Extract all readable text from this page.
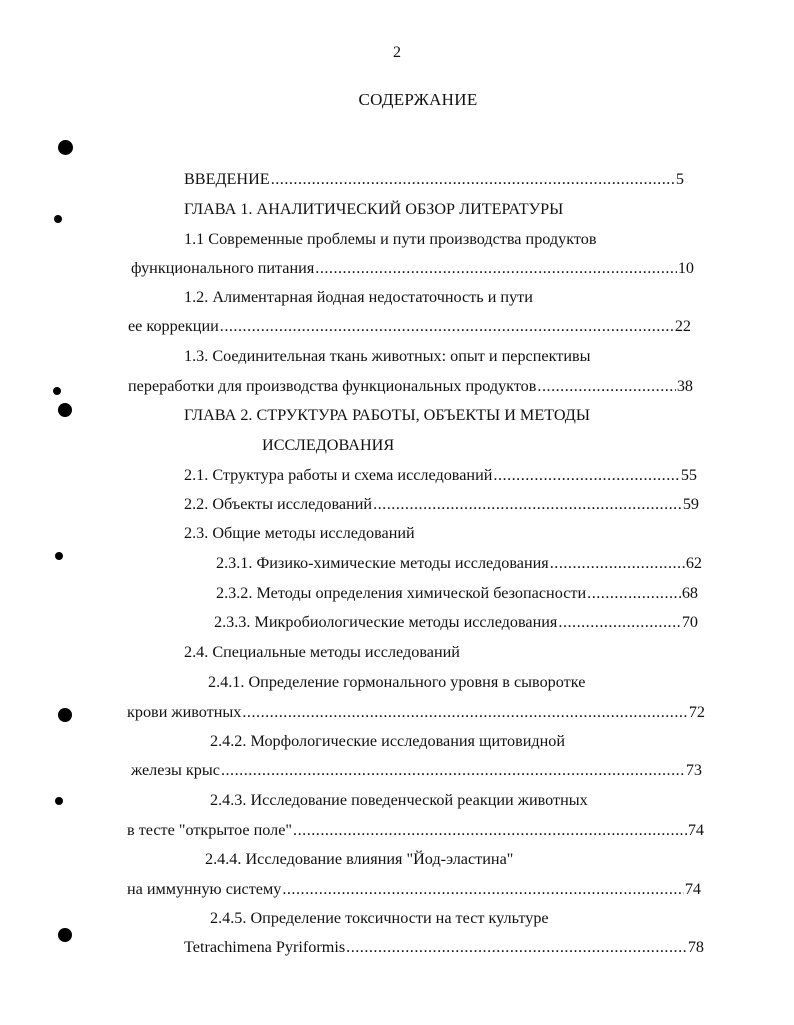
2
СОДЕРЖАНИЕ
ВВЕДЕНИЕ .....	5
ГЛАВА 1. АНАЛИТИЧЕСКИЙ ОБЗОР ЛИТЕРАТУРЫ
1.1 Современные проблемы и пути производства продуктов
функционального питания .....	10
1.2. Алиментарная йодная недостаточность и пути
ее коррекции .....	22
1.3. Соединительная ткань животных: опыт и перспективы
переработки для производства функциональных продуктов .....	38
ГЛАВА 2. СТРУКТУРА РАБОТЫ, ОБЪЕКТЫ И МЕТОДЫ
ИССЛЕДОВАНИЯ
2.1. Структура работы и схема исследований .....	55
2.2. Объекты исследований .....	59
2.3. Общие методы исследований
2.3.1. Физико-химические методы исследования .....	62
2.3.2. Методы определения химической безопасности .....	68
2.3.3. Микробиологические методы исследования .....	70
2.4. Специальные методы исследований
2.4.1. Определение гормонального уровня в сыворотке
крови животных .....	72
2.4.2. Морфологические исследования щитовидной
железы крыс .....	73
2.4.3. Исследование поведенческой реакции животных
в тесте "открытое поле" .....	74
2.4.4. Исследование влияния "Йод-эластина"
на иммунную систему .....	74
2.4.5. Определение токсичности на тест культуре
Tetrachimena Pyriformis .....	78
